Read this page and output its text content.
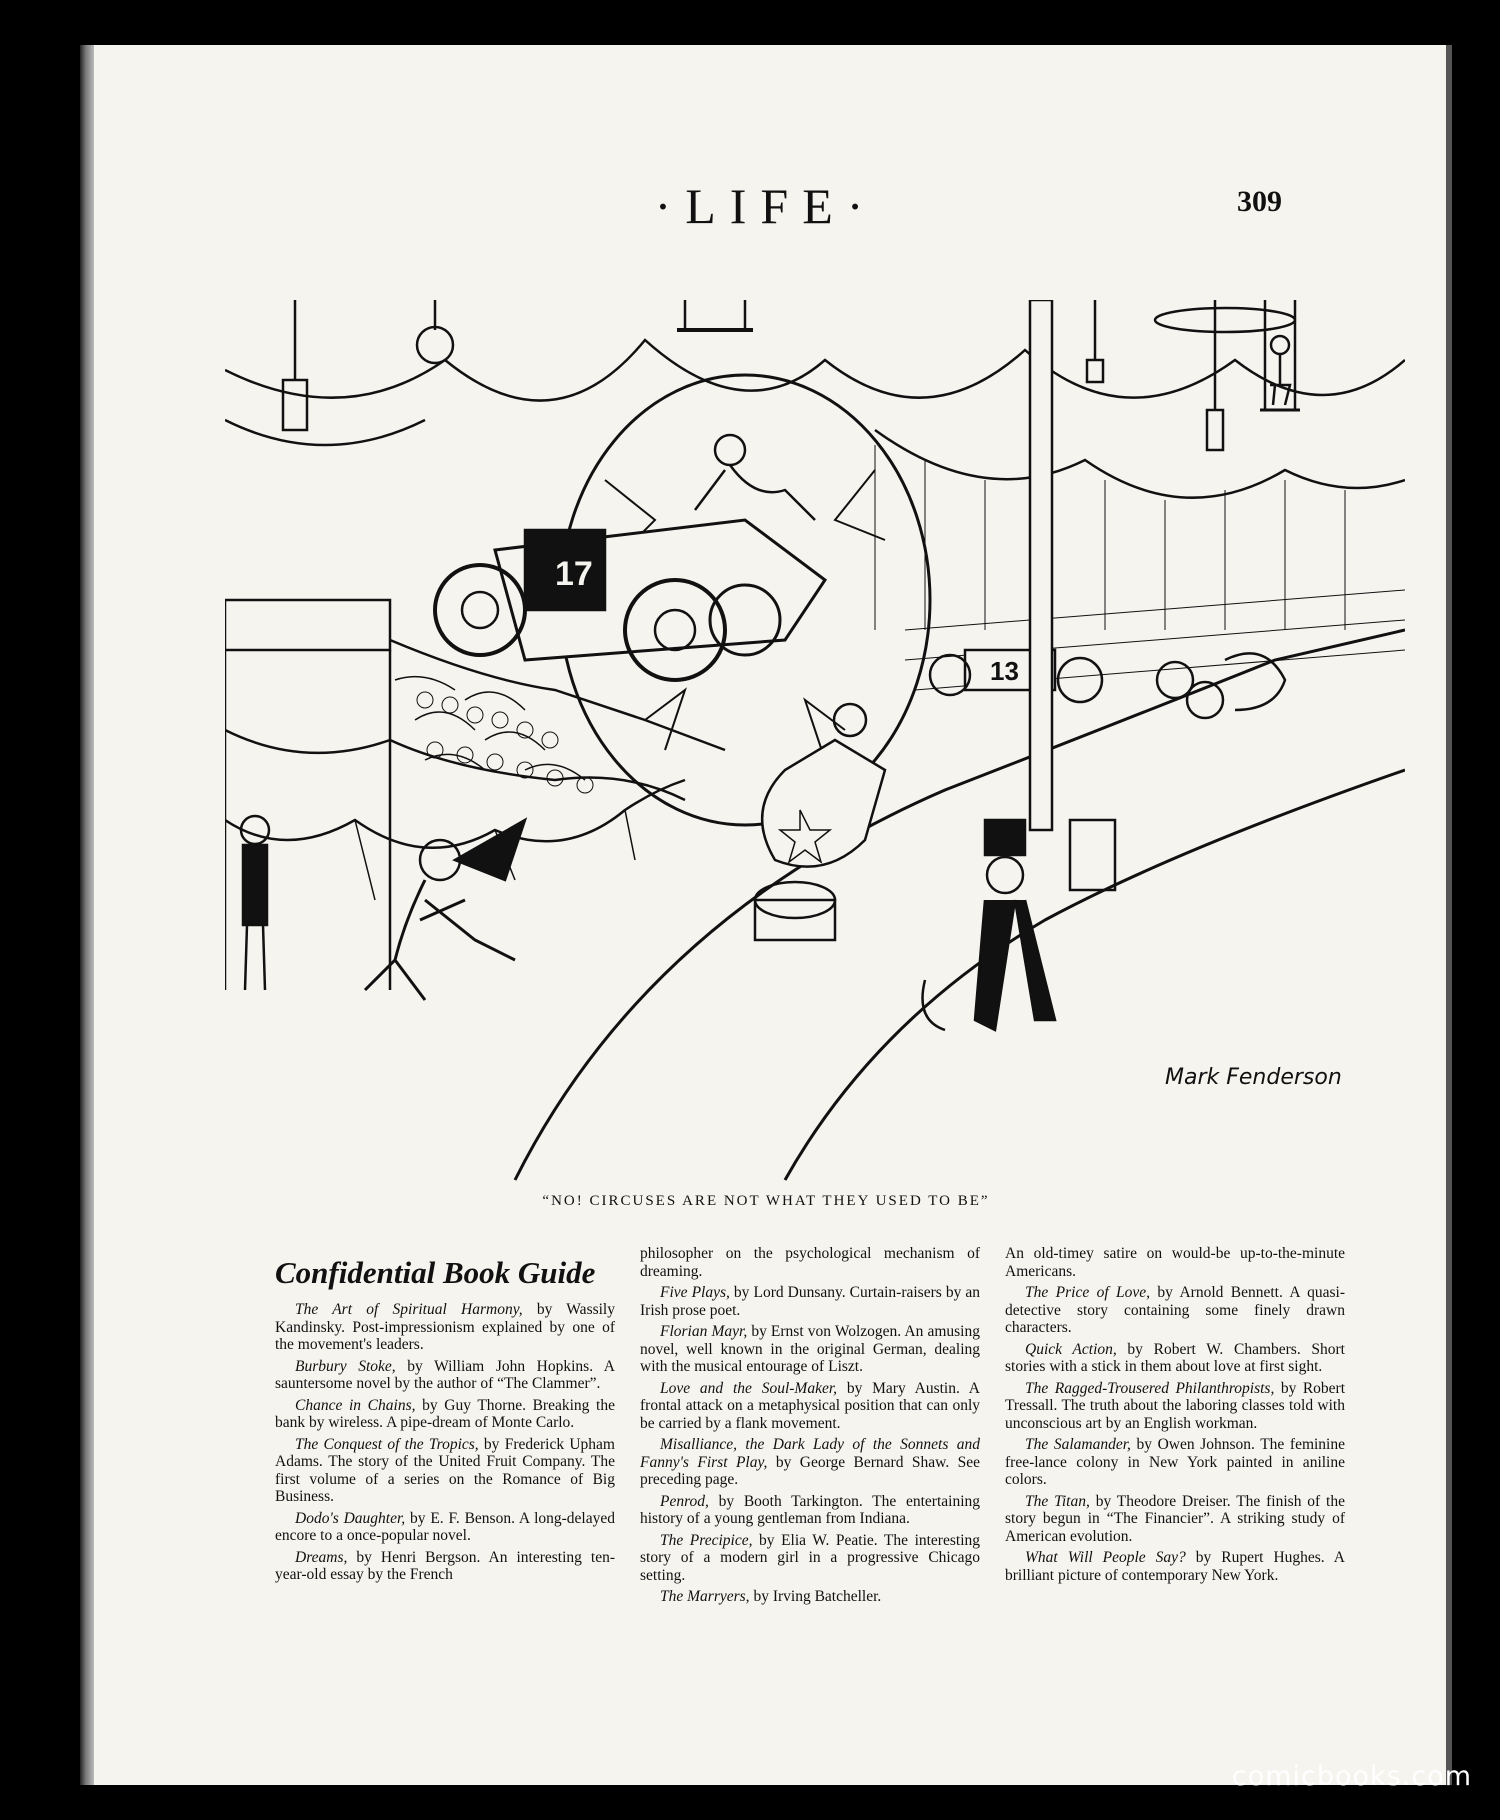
·LIFE·	309
17
13
Mark Fenderson
“NO! CIRCUSES ARE NOT WHAT THEY USED TO BE”
Confidential Book Guide

The Art of Spiritual Harmony, by Wassily Kandinsky. Post-impressionism explained by one of the movement's leaders.

Burbury Stoke, by William John Hopkins. A sauntersome novel by the author of “The Clammer”.

Chance in Chains, by Guy Thorne. Breaking the bank by wireless. A pipe-dream of Monte Carlo.

The Conquest of the Tropics, by Frederick Upham Adams. The story of the United Fruit Company. The first volume of a series on the Romance of Big Business.

Dodo's Daughter, by E. F. Benson. A long-delayed encore to a once-popular novel.

Dreams, by Henri Bergson. An interesting ten-year-old essay by the French

philosopher on the psychological mechanism of dreaming.

Five Plays, by Lord Dunsany. Curtain-raisers by an Irish prose poet.

Florian Mayr, by Ernst von Wolzogen. An amusing novel, well known in the original German, dealing with the musical entourage of Liszt.

Love and the Soul-Maker, by Mary Austin. A frontal attack on a metaphysical position that can only be carried by a flank movement.

Misalliance, the Dark Lady of the Sonnets and Fanny's First Play, by George Bernard Shaw. See preceding page.

Penrod, by Booth Tarkington. The entertaining history of a young gentleman from Indiana.

The Precipice, by Elia W. Peatie. The interesting story of a modern girl in a progressive Chicago setting.

The Marryers, by Irving Batcheller.

An old-timey satire on would-be up-to-the-minute Americans.

The Price of Love, by Arnold Bennett. A quasi-detective story containing some finely drawn characters.

Quick Action, by Robert W. Chambers. Short stories with a stick in them about love at first sight.

The Ragged-Trousered Philanthropists, by Robert Tressall. The truth about the laboring classes told with unconscious art by an English workman.

The Salamander, by Owen Johnson. The feminine free-lance colony in New York painted in aniline colors.

The Titan, by Theodore Dreiser. The finish of the story begun in “The Financier”. A striking study of American evolution.

What Will People Say? by Rupert Hughes. A brilliant picture of contemporary New York.

comicbooks.com
